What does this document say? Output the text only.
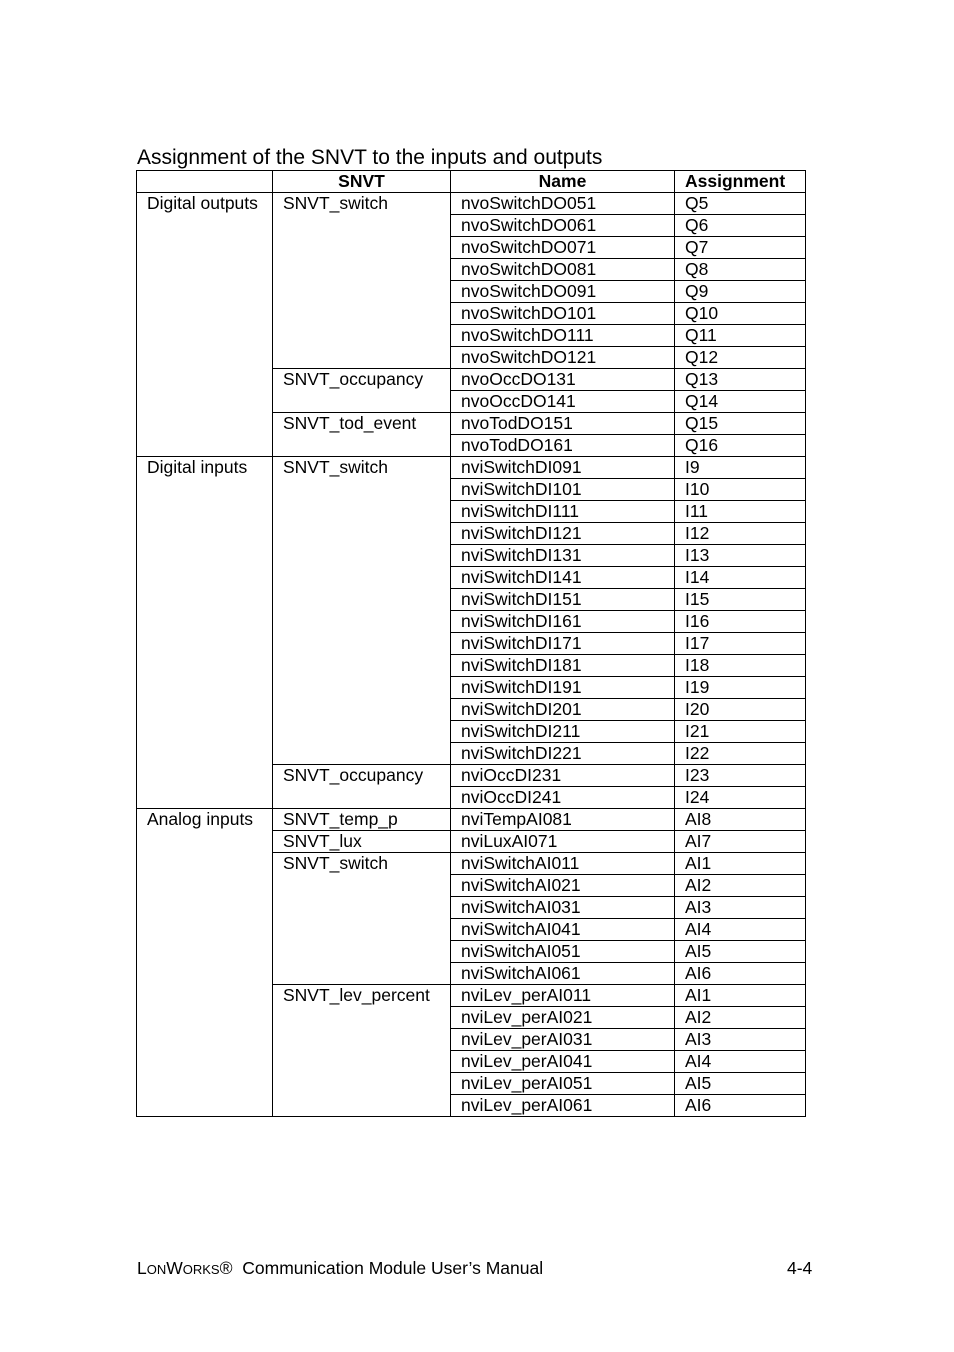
Assignment of the SNVT to the inputs and outputs
	SNVT	Name	Assignment
Digital outputs	SNVT_switch	nvoSwitchDO051	Q5
		nvoSwitchDO061	Q6
		nvoSwitchDO071	Q7
		nvoSwitchDO081	Q8
		nvoSwitchDO091	Q9
		nvoSwitchDO101	Q10
		nvoSwitchDO111	Q11
		nvoSwitchDO121	Q12
	SNVT_occupancy	nvoOccDO131	Q13
		nvoOccDO141	Q14
	SNVT_tod_event	nvoTodDO151	Q15
		nvoTodDO161	Q16
Digital inputs	SNVT_switch	nviSwitchDI091	I9
		nviSwitchDI101	I10
		nviSwitchDI111	I11
		nviSwitchDI121	I12
		nviSwitchDI131	I13
		nviSwitchDI141	I14
		nviSwitchDI151	I15
		nviSwitchDI161	I16
		nviSwitchDI171	I17
		nviSwitchDI181	I18
		nviSwitchDI191	I19
		nviSwitchDI201	I20
		nviSwitchDI211	I21
		nviSwitchDI221	I22
	SNVT_occupancy	nviOccDI231	I23
		nviOccDI241	I24
Analog inputs	SNVT_temp_p	nviTempAI081	AI8
	SNVT_lux	nviLuxAI071	AI7
	SNVT_switch	nviSwitchAI011	AI1
		nviSwitchAI021	AI2
		nviSwitchAI031	AI3
		nviSwitchAI041	AI4
		nviSwitchAI051	AI5
		nviSwitchAI061	AI6
	SNVT_lev_percent	nviLev_perAI011	AI1
		nviLev_perAI021	AI2
		nviLev_perAI031	AI3
		nviLev_perAI041	AI4
		nviLev_perAI051	AI5
		nviLev_perAI061	AI6
LONWORKS® Communication Module User’s Manual	4-4
